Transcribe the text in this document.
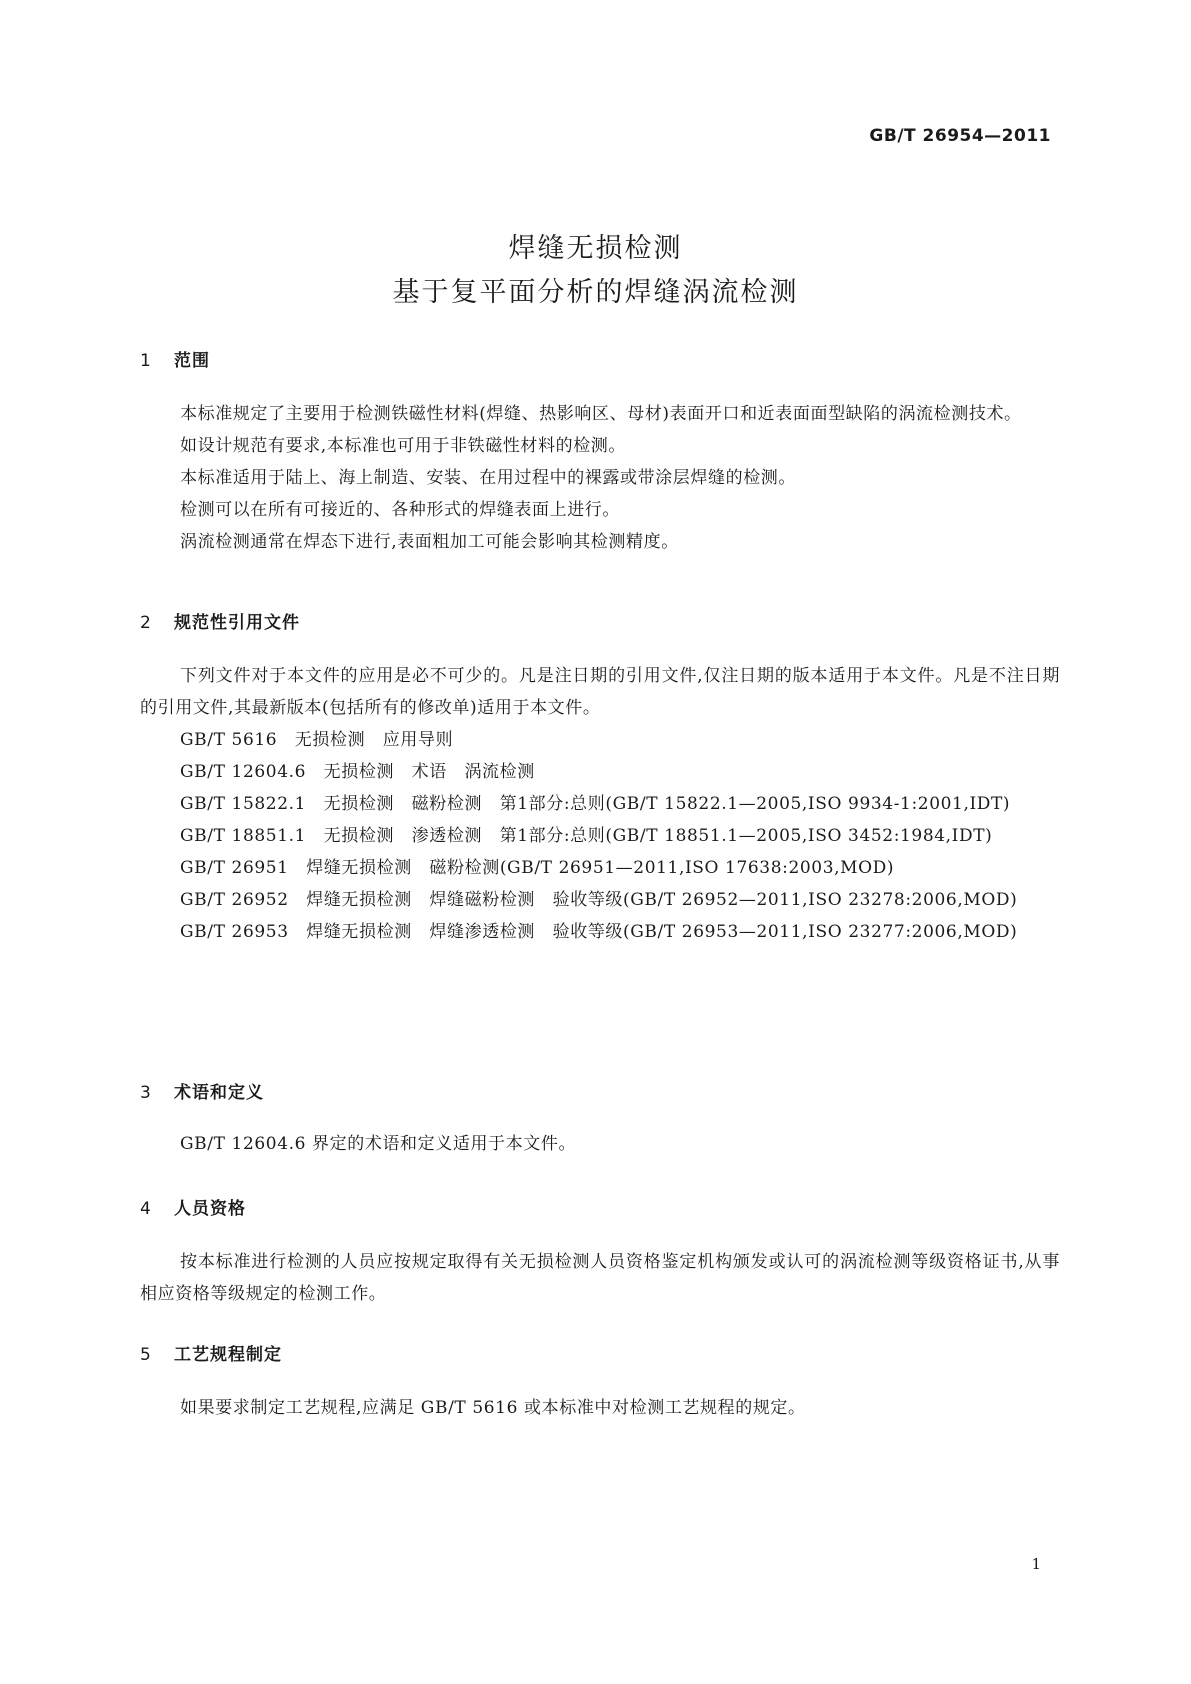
GB/T 26954—2011
焊缝无损检测
基于复平面分析的焊缝涡流检测
1 范围

本标准规定了主要用于检测铁磁性材料(焊缝、热影响区、母材)表面开口和近表面面型缺陷的涡流检测技术。

如设计规范有要求,本标准也可用于非铁磁性材料的检测。

本标准适用于陆上、海上制造、安装、在用过程中的裸露或带涂层焊缝的检测。

检测可以在所有可接近的、各种形式的焊缝表面上进行。

涡流检测通常在焊态下进行,表面粗加工可能会影响其检测精度。

2 规范性引用文件

下列文件对于本文件的应用是必不可少的。凡是注日期的引用文件,仅注日期的版本适用于本文件。凡是不注日期的引用文件,其最新版本(包括所有的修改单)适用于本文件。

GB/T 5616　无损检测　应用导则

GB/T 12604.6　无损检测　术语　涡流检测

GB/T 15822.1　无损检测　磁粉检测　第1部分:总则(GB/T 15822.1—2005,ISO 9934-1:2001,IDT)

GB/T 18851.1　无损检测　渗透检测　第1部分:总则(GB/T 18851.1—2005,ISO 3452:1984,IDT)

GB/T 26951　焊缝无损检测　磁粉检测(GB/T 26951—2011,ISO 17638:2003,MOD)

GB/T 26952　焊缝无损检测　焊缝磁粉检测　验收等级(GB/T 26952—2011,ISO 23278:2006,MOD)

GB/T 26953　焊缝无损检测　焊缝渗透检测　验收等级(GB/T 26953—2011,ISO 23277:2006,MOD)

3 术语和定义

GB/T 12604.6 界定的术语和定义适用于本文件。

4 人员资格

按本标准进行检测的人员应按规定取得有关无损检测人员资格鉴定机构颁发或认可的涡流检测等级资格证书,从事相应资格等级规定的检测工作。

5 工艺规程制定

如果要求制定工艺规程,应满足 GB/T 5616 或本标准中对检测工艺规程的规定。

1
